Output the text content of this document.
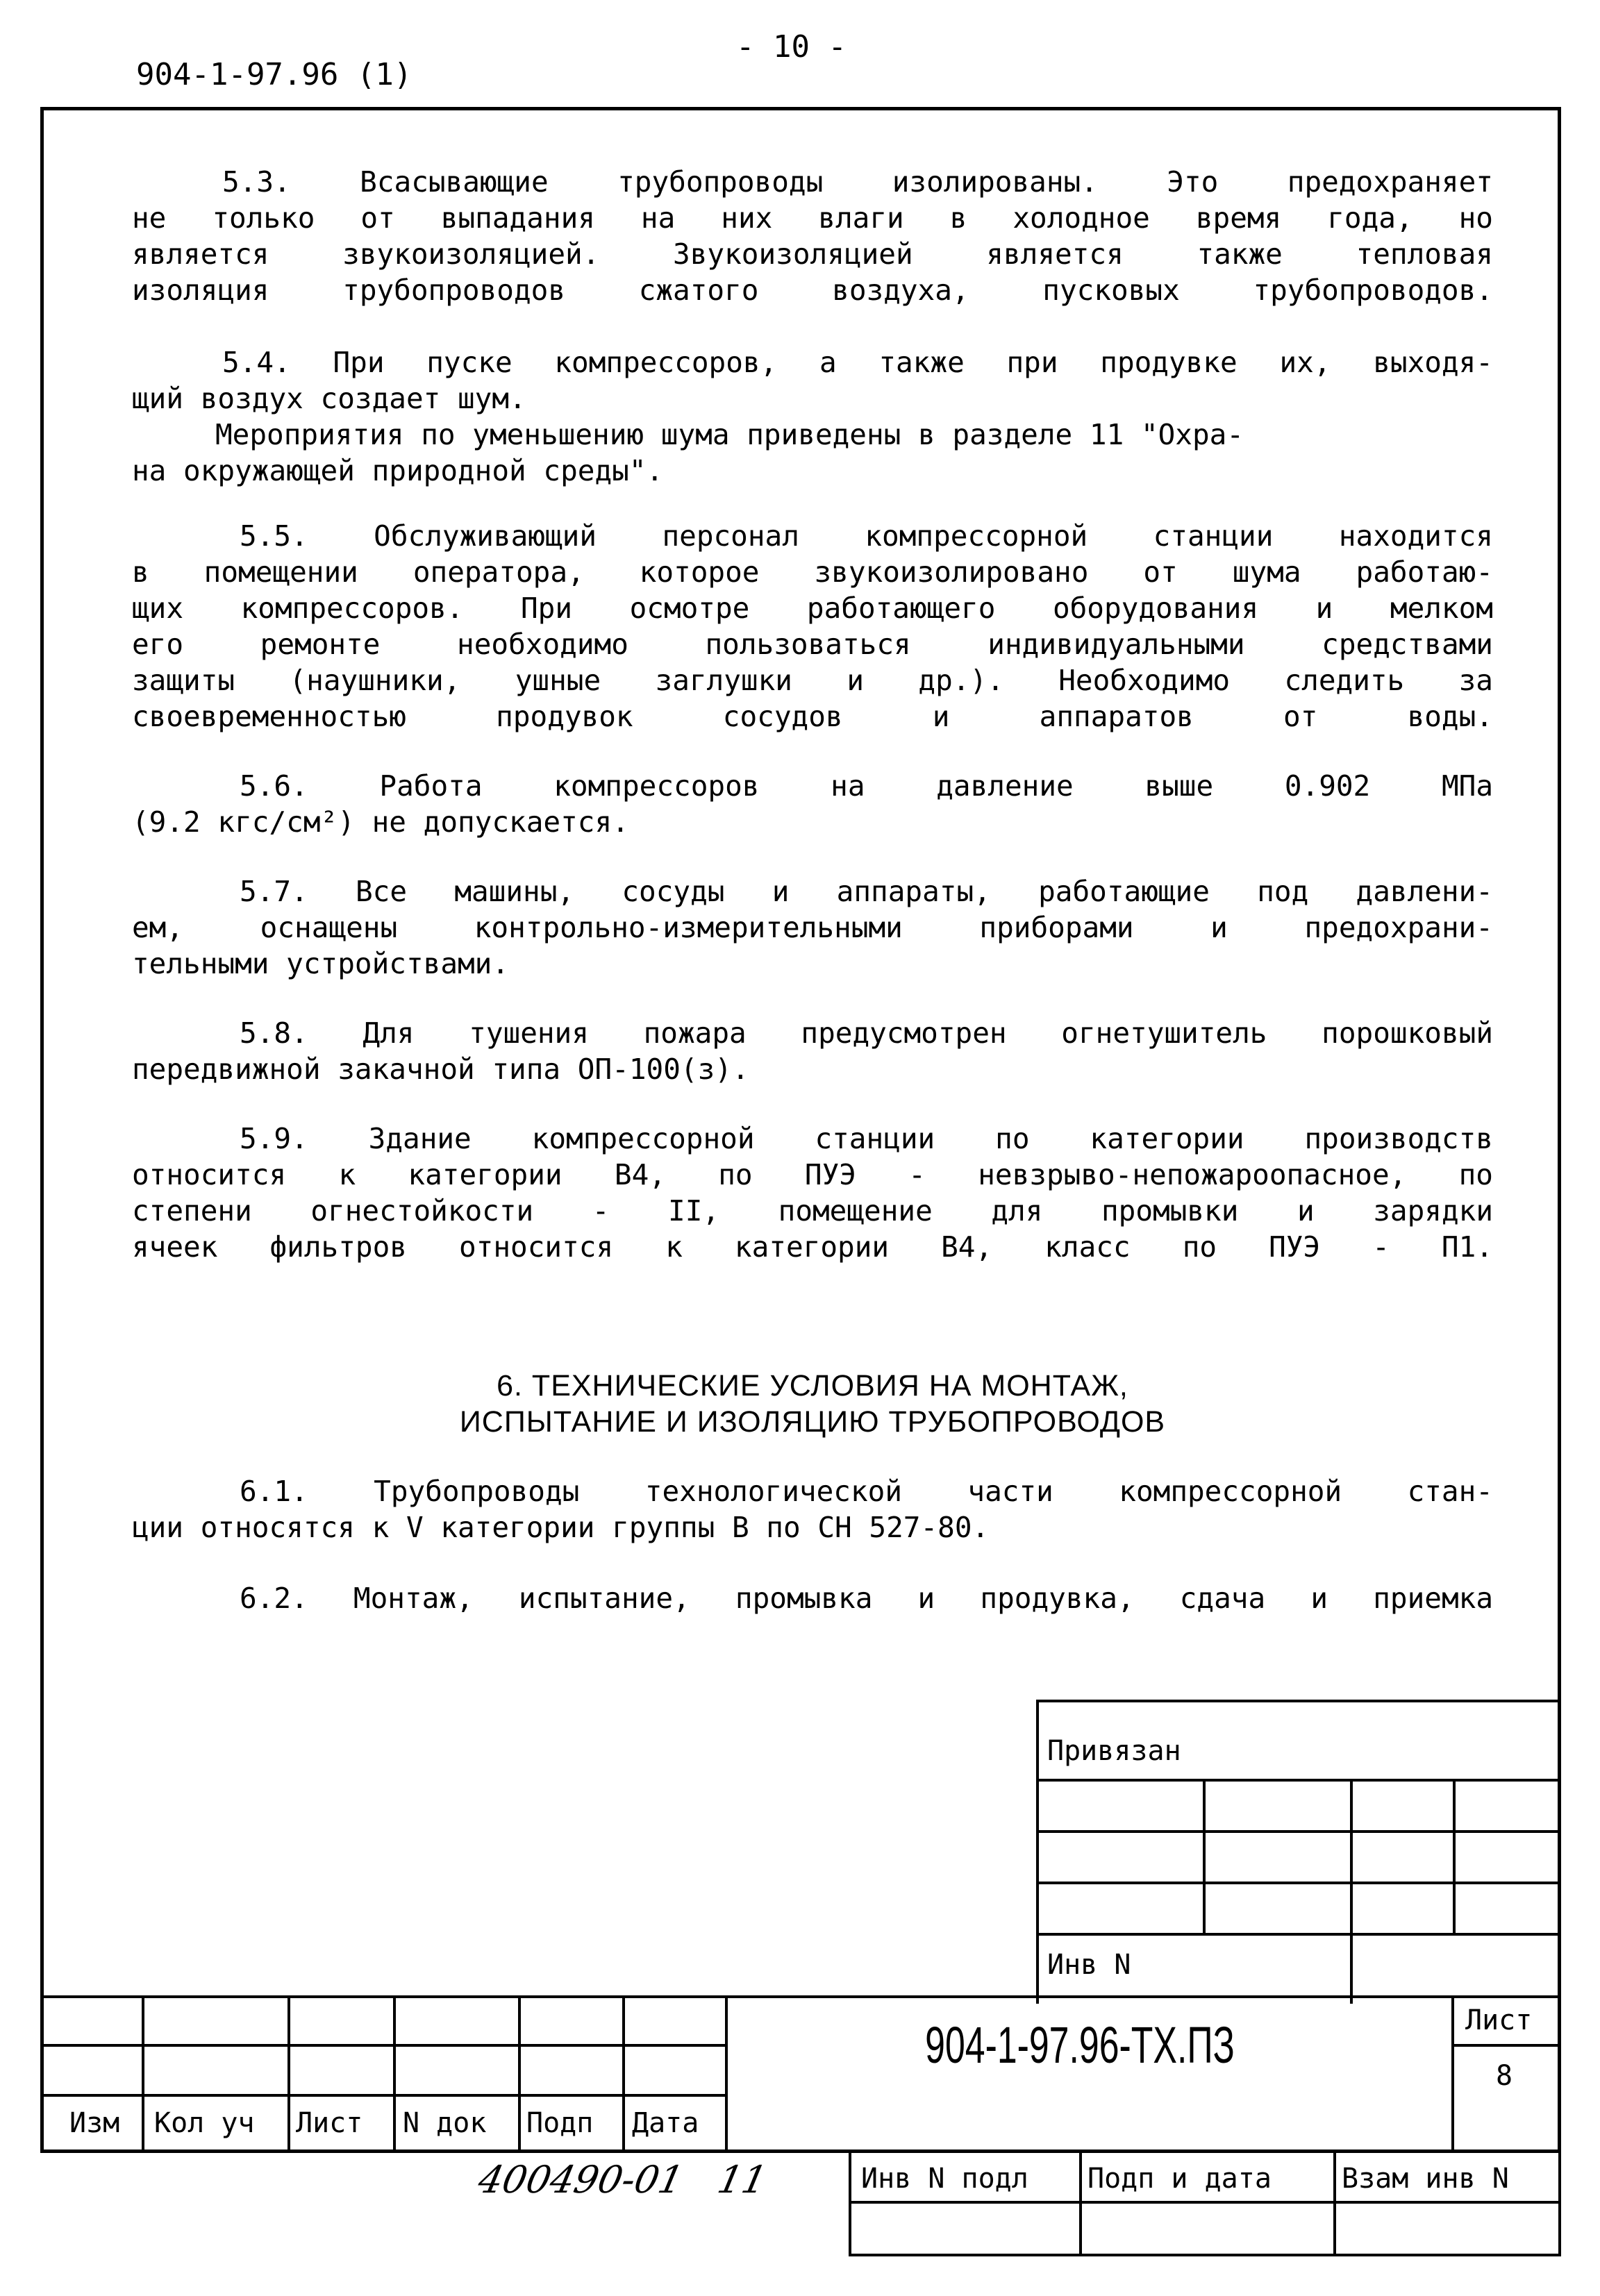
- 10 -
904-1-97.96 (1)
5.3. Всасывающие трубопроводы изолированы. Это предохраняет
не только от выпадания на них влаги в холодное время года, но
является звукоизоляцией. Звукоизоляцией является также тепловая
изоляция трубопроводов сжатого воздуха, пусковых трубопроводов.
5.4. При пуске компрессоров, а также при продувке их, выходя-
щий воздух создает шум.
Мероприятия по уменьшению шума приведены в разделе 11 "Охра-
на окружающей природной среды".
5.5. Обслуживающий персонал компрессорной станции находится
в помещении оператора, которое звукоизолировано от шума работаю-
щих компрессоров. При осмотре работающего оборудования и мелком
его ремонте необходимо пользоваться индивидуальными средствами
защиты (наушники, ушные заглушки и др.). Необходимо следить за
своевременностью продувок сосудов и аппаратов от воды.
5.6. Работа компрессоров на давление выше 0.902 МПа
(9.2 кгс/см²) не допускается.
5.7. Все машины, сосуды и аппараты, работающие под давлени-
ем, оснащены контрольно-измерительными приборами и предохрани-
тельными устройствами.
5.8. Для тушения пожара предусмотрен огнетушитель порошковый
передвижной закачной типа ОП-100(з).
5.9. Здание компрессорной станции по категории производств
относится к категории В4, по ПУЭ - невзрыво-непожароопасное, по
степени огнестойкости - II, помещение для промывки и зарядки
ячеек фильтров относится к категории В4, класс по ПУЭ - П1.
6. ТЕХНИЧЕСКИЕ УСЛОВИЯ НА МОНТАЖ,
ИСПЫТАНИЕ И ИЗОЛЯЦИЮ ТРУБОПРОВОДОВ
6.1. Трубопроводы технологической части компрессорной стан-
ции относятся к V категории группы В по СН 527-80.
6.2. Монтаж, испытание, промывка и продувка, сдача и приемка
Привязан
Инв N
Изм Кол уч Лист N док Подп Дата
904-1-97.96-ТХ.ПЗ	Лист
8
Инв N подл Подп и дата	Взам инв N
400490-01   11
